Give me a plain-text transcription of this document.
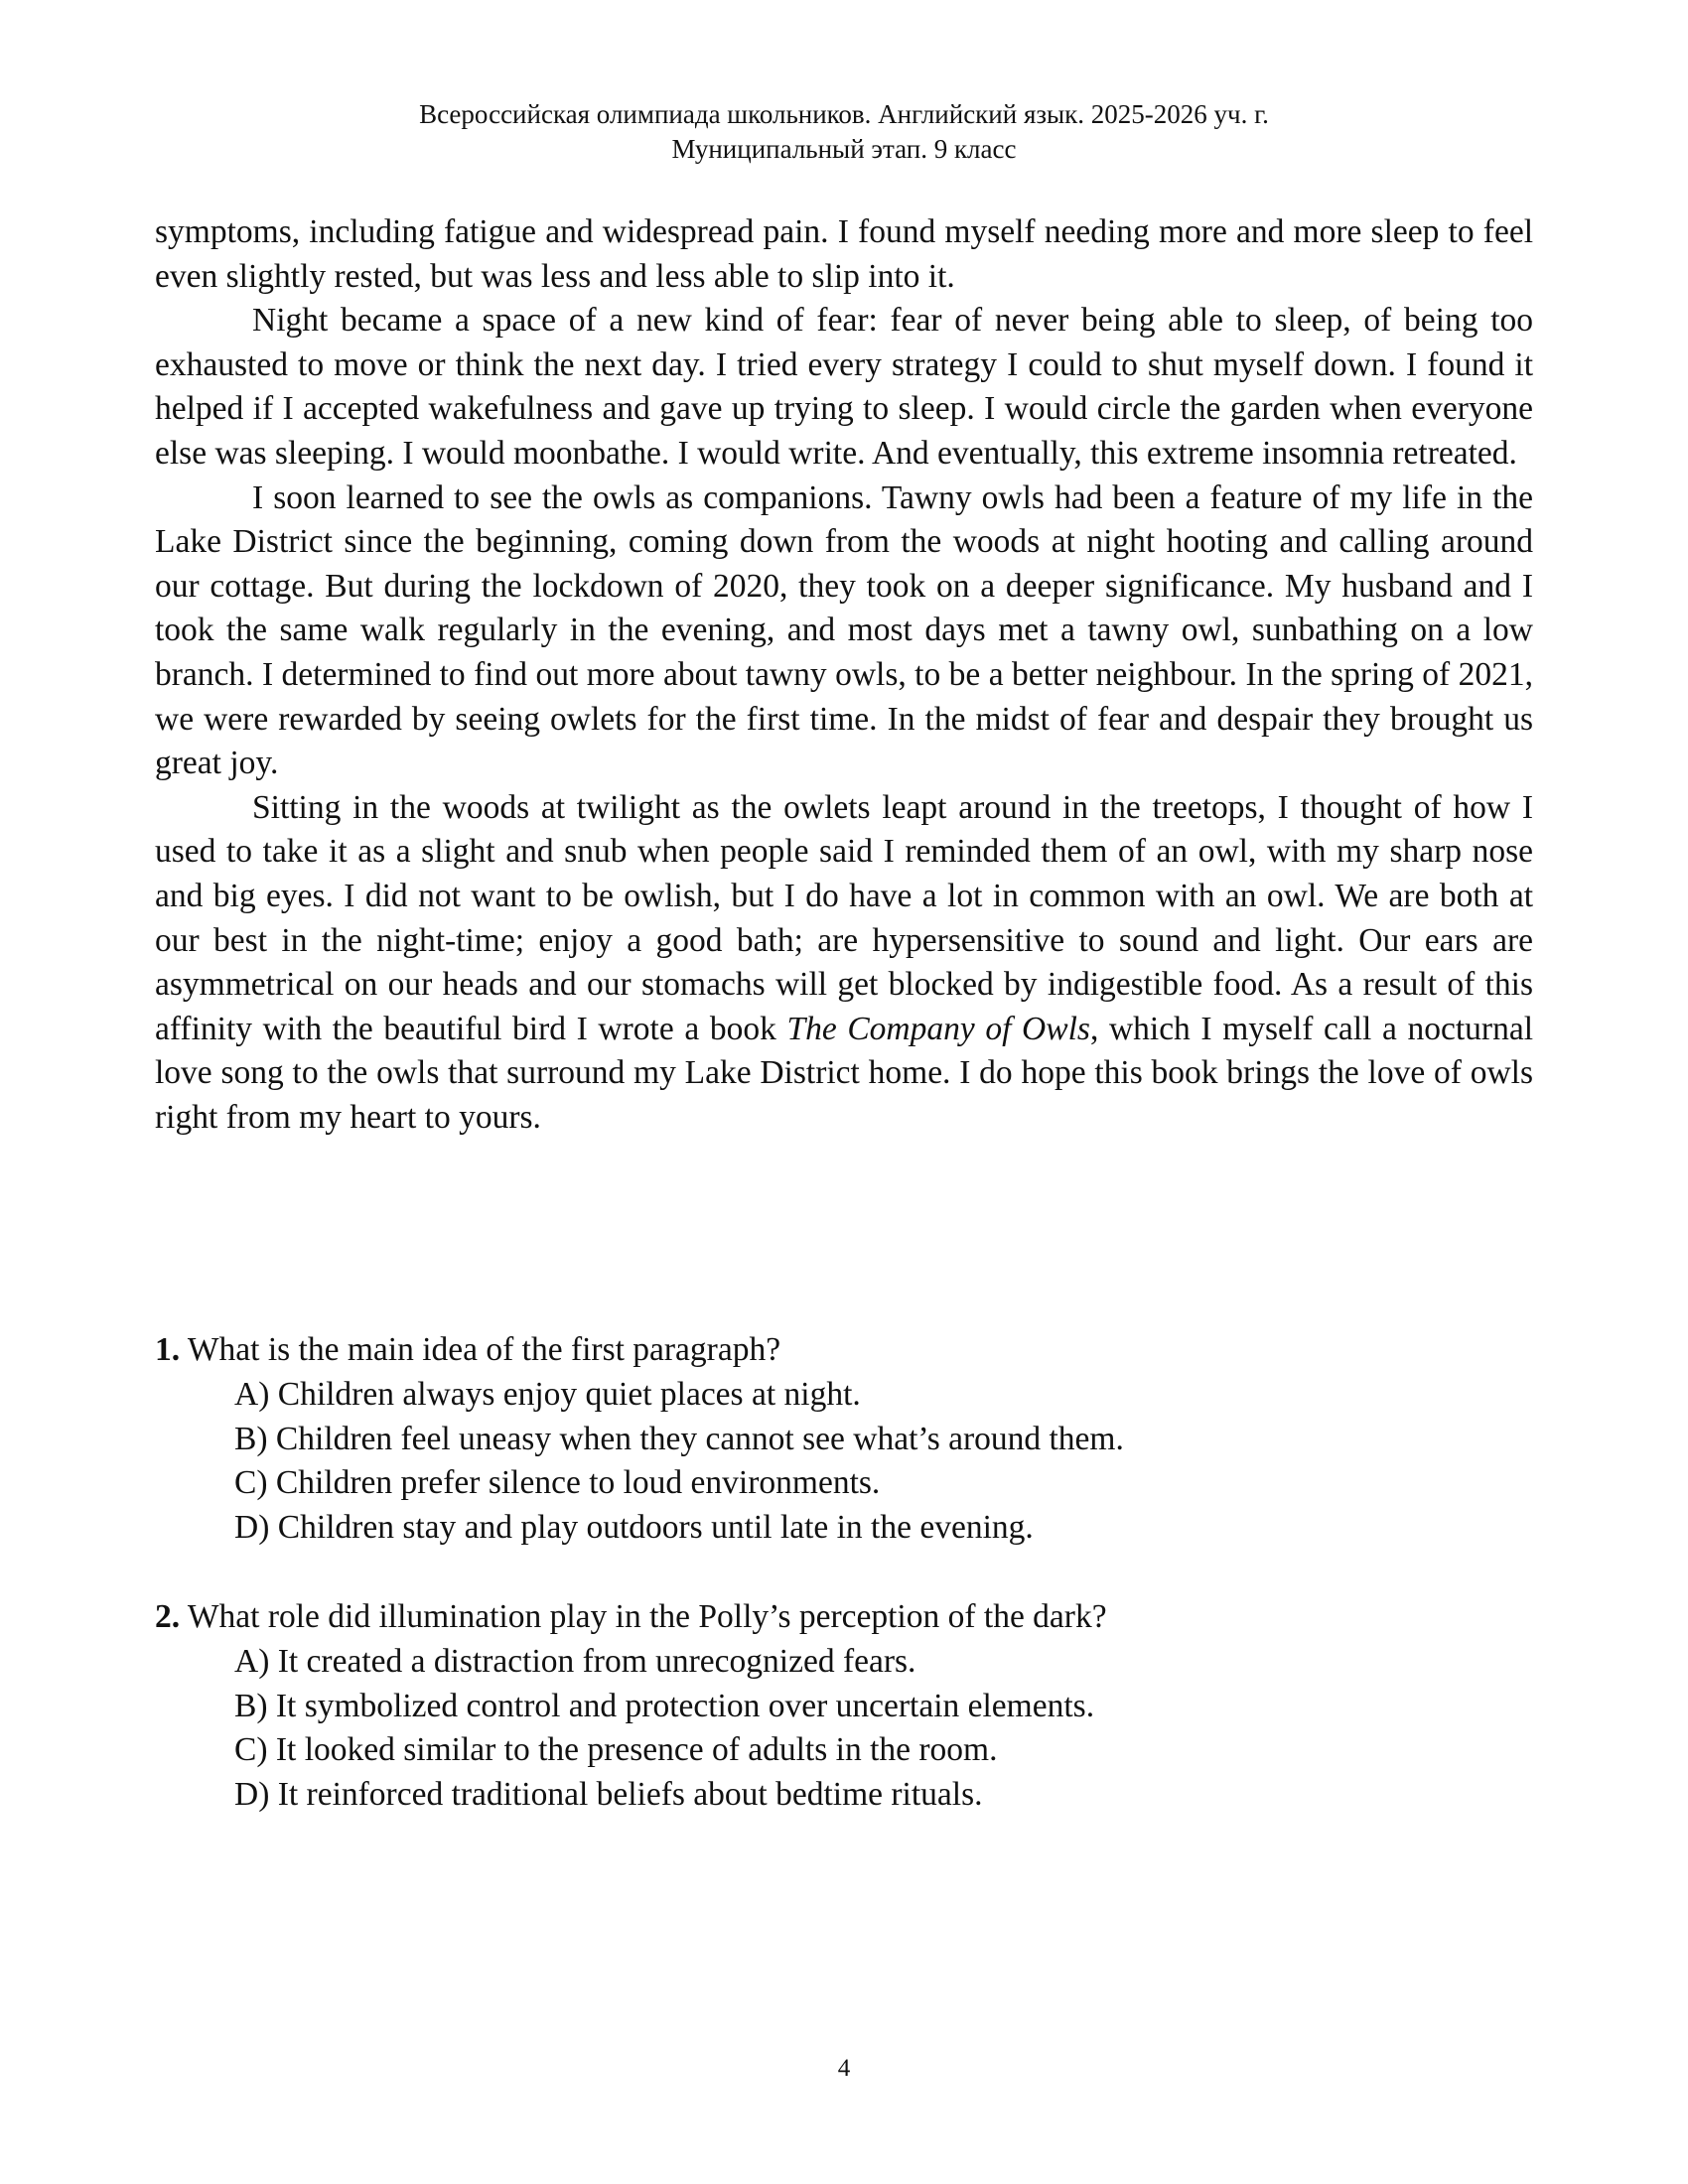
Всероссийская олимпиада школьников. Английский язык. 2025-2026 уч. г.
Муниципальный этап. 9 класс

symptoms, including fatigue and widespread pain. I found myself needing more and more sleep to feel even slightly rested, but was less and less able to slip into it.

Night became a space of a new kind of fear: fear of never being able to sleep, of being too exhausted to move or think the next day. I tried every strategy I could to shut myself down. I found it helped if I accepted wakefulness and gave up trying to sleep. I would circle the garden when everyone else was sleeping. I would moonbathe. I would write. And eventually, this extreme insomnia retreated.

I soon learned to see the owls as companions. Tawny owls had been a feature of my life in the Lake District since the beginning, coming down from the woods at night hooting and calling around our cottage. But during the lockdown of 2020, they took on a deeper significance. My husband and I took the same walk regularly in the evening, and most days met a tawny owl, sunbathing on a low branch. I determined to find out more about tawny owls, to be a better neighbour. In the spring of 2021, we were rewarded by seeing owlets for the first time. In the midst of fear and despair they brought us great joy.

Sitting in the woods at twilight as the owlets leapt around in the treetops, I thought of how I used to take it as a slight and snub when people said I reminded them of an owl, with my sharp nose and big eyes. I did not want to be owlish, but I do have a lot in common with an owl. We are both at our best in the night-time; enjoy a good bath; are hypersensitive to sound and light. Our ears are asymmetrical on our heads and our stomachs will get blocked by indigestible food. As a result of this affinity with the beautiful bird I wrote a book The Company of Owls, which I myself call a nocturnal love song to the owls that surround my Lake District home. I do hope this book brings the love of owls right from my heart to yours.

1. What is the main idea of the first paragraph?

A) Children always enjoy quiet places at night.

B) Children feel uneasy when they cannot see what’s around them.

C) Children prefer silence to loud environments.

D) Children stay and play outdoors until late in the evening.

2. What role did illumination play in the Polly’s perception of the dark?

A) It created a distraction from unrecognized fears.

B) It symbolized control and protection over uncertain elements.

C) It looked similar to the presence of adults in the room.

D) It reinforced traditional beliefs about bedtime rituals.

4
